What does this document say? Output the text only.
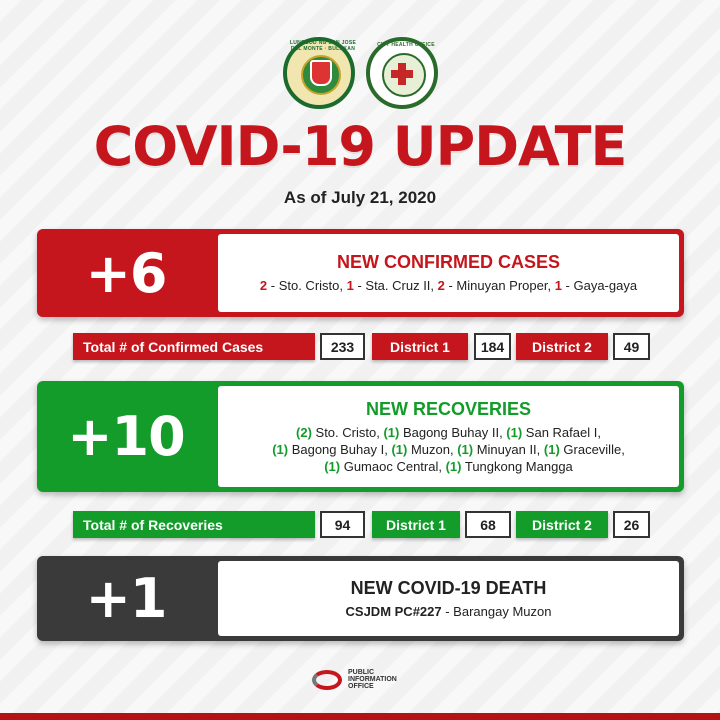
LUNGSOD NG SAN JOSE DEL MONTE · BULAKAN
CITY HEALTH OFFICE
COVID-19 UPDATE
As of July 21, 2020
+6	NEW CONFIRMED CASES
2 - Sto. Cristo, 1 - Sta. Cruz II, 2 - Minuyan Proper, 1 - Gaya-gaya
Total # of Confirmed Cases	233	District 1	184	District 2	49
+10	NEW RECOVERIES
(2) Sto. Cristo, (1) Bagong Buhay II, (1) San Rafael I,
(1) Bagong Buhay I, (1) Muzon, (1) Minuyan II, (1) Graceville,
(1) Gumaoc Central, (1) Tungkong Mangga
Total # of Recoveries	94	District 1	68	District 2	26
+1	NEW COVID-19 DEATH
CSJDM PC#227 - Barangay Muzon
PUBLIC
INFORMATION
OFFICE
